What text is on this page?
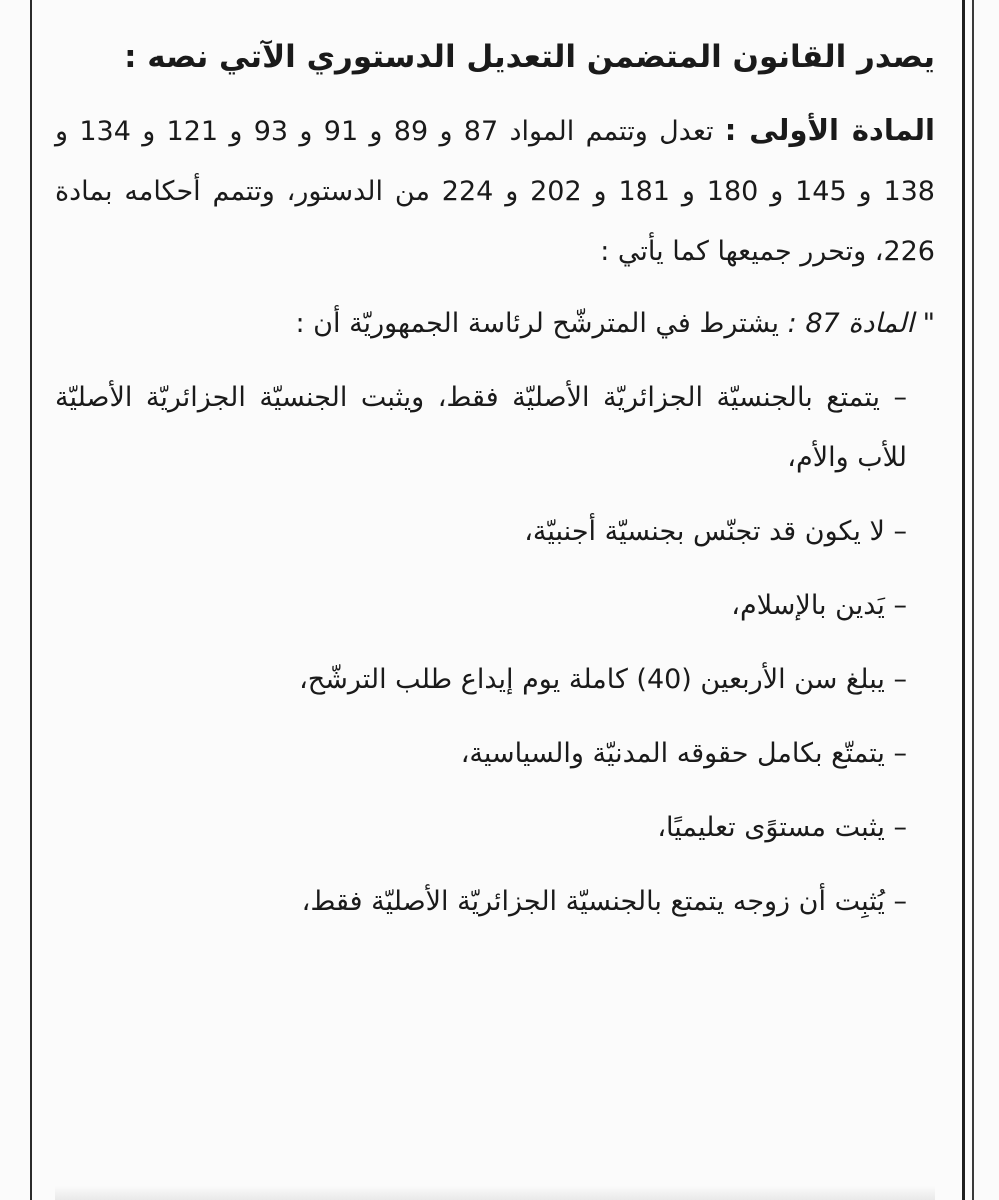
يصدر القانون المتضمن التعديل الدستوري الآتي نصه :

المادة الأولى : تعدل وتتمم المواد 87 و 89 و 91 و 93 و 121 و 134 و 138 و 145 و 180 و 181 و 202 و 224 من الدستور، وتتمم أحكامه بمادة 226، وتحرر جميعها كما يأتي :

" المادة 87 : يشترط في المترشّح لرئاسة الجمهوريّة أن :

– يتمتع بالجنسيّة الجزائريّة الأصليّة فقط، ويثبت الجنسيّة الجزائريّة الأصليّة للأب والأم،

– لا يكون قد تجنّس بجنسيّة أجنبيّة،

– يَدين بالإسلام،

– يبلغ سن الأربعين (40) كاملة يوم إيداع طلب الترشّح،

– يتمتّع بكامل حقوقه المدنيّة والسياسية،

– يثبت مستوًى تعليميًا،

– يُثبِت أن زوجه يتمتع بالجنسيّة الجزائريّة الأصليّة فقط،
